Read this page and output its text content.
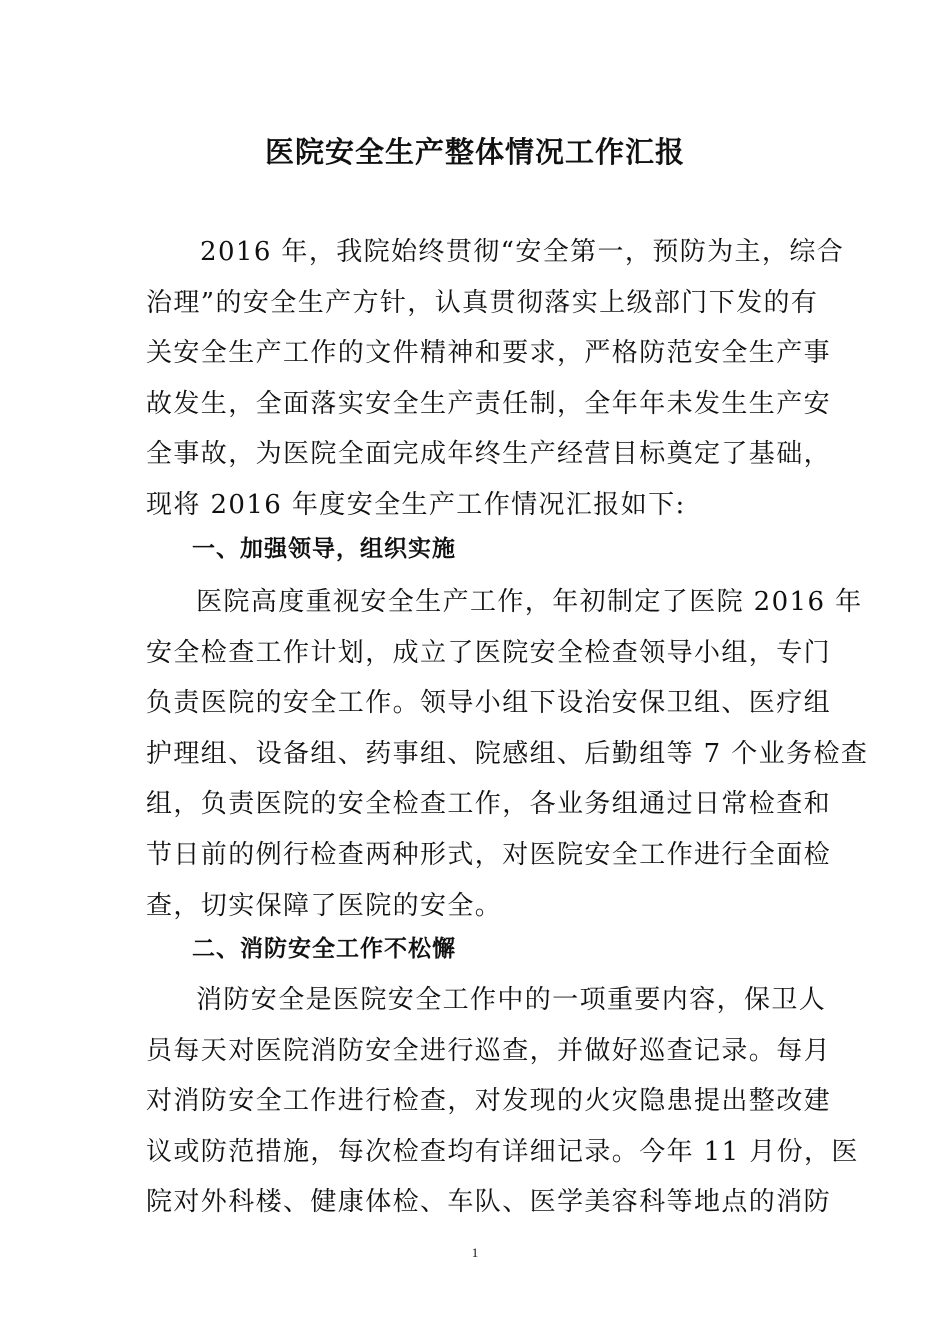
医院安全生产整体情况工作汇报
2016 年，我院始终贯彻“安全第一，预防为主，综合
治理”的安全生产方针，认真贯彻落实上级部门下发的有
关安全生产工作的文件精神和要求，严格防范安全生产事
故发生，全面落实安全生产责任制，全年年未发生生产安
全事故，为医院全面完成年终生产经营目标奠定了基础，
现将 2016 年度安全生产工作情况汇报如下:
一、加强领导，组织实施
医院高度重视安全生产工作，年初制定了医院 2016 年
安全检查工作计划，成立了医院安全检查领导小组，专门
负责医院的安全工作。领导小组下设治安保卫组、医疗组
护理组、设备组、药事组、院感组、后勤组等 7 个业务检查
组，负责医院的安全检查工作，各业务组通过日常检查和
节日前的例行检查两种形式，对医院安全工作进行全面检
查，切实保障了医院的安全。
二、消防安全工作不松懈
消防安全是医院安全工作中的一项重要内容，保卫人
员每天对医院消防安全进行巡查，并做好巡查记录。每月
对消防安全工作进行检查，对发现的火灾隐患提出整改建
议或防范措施，每次检查均有详细记录。今年 11 月份，医
院对外科楼、健康体检、车队、医学美容科等地点的消防
1
